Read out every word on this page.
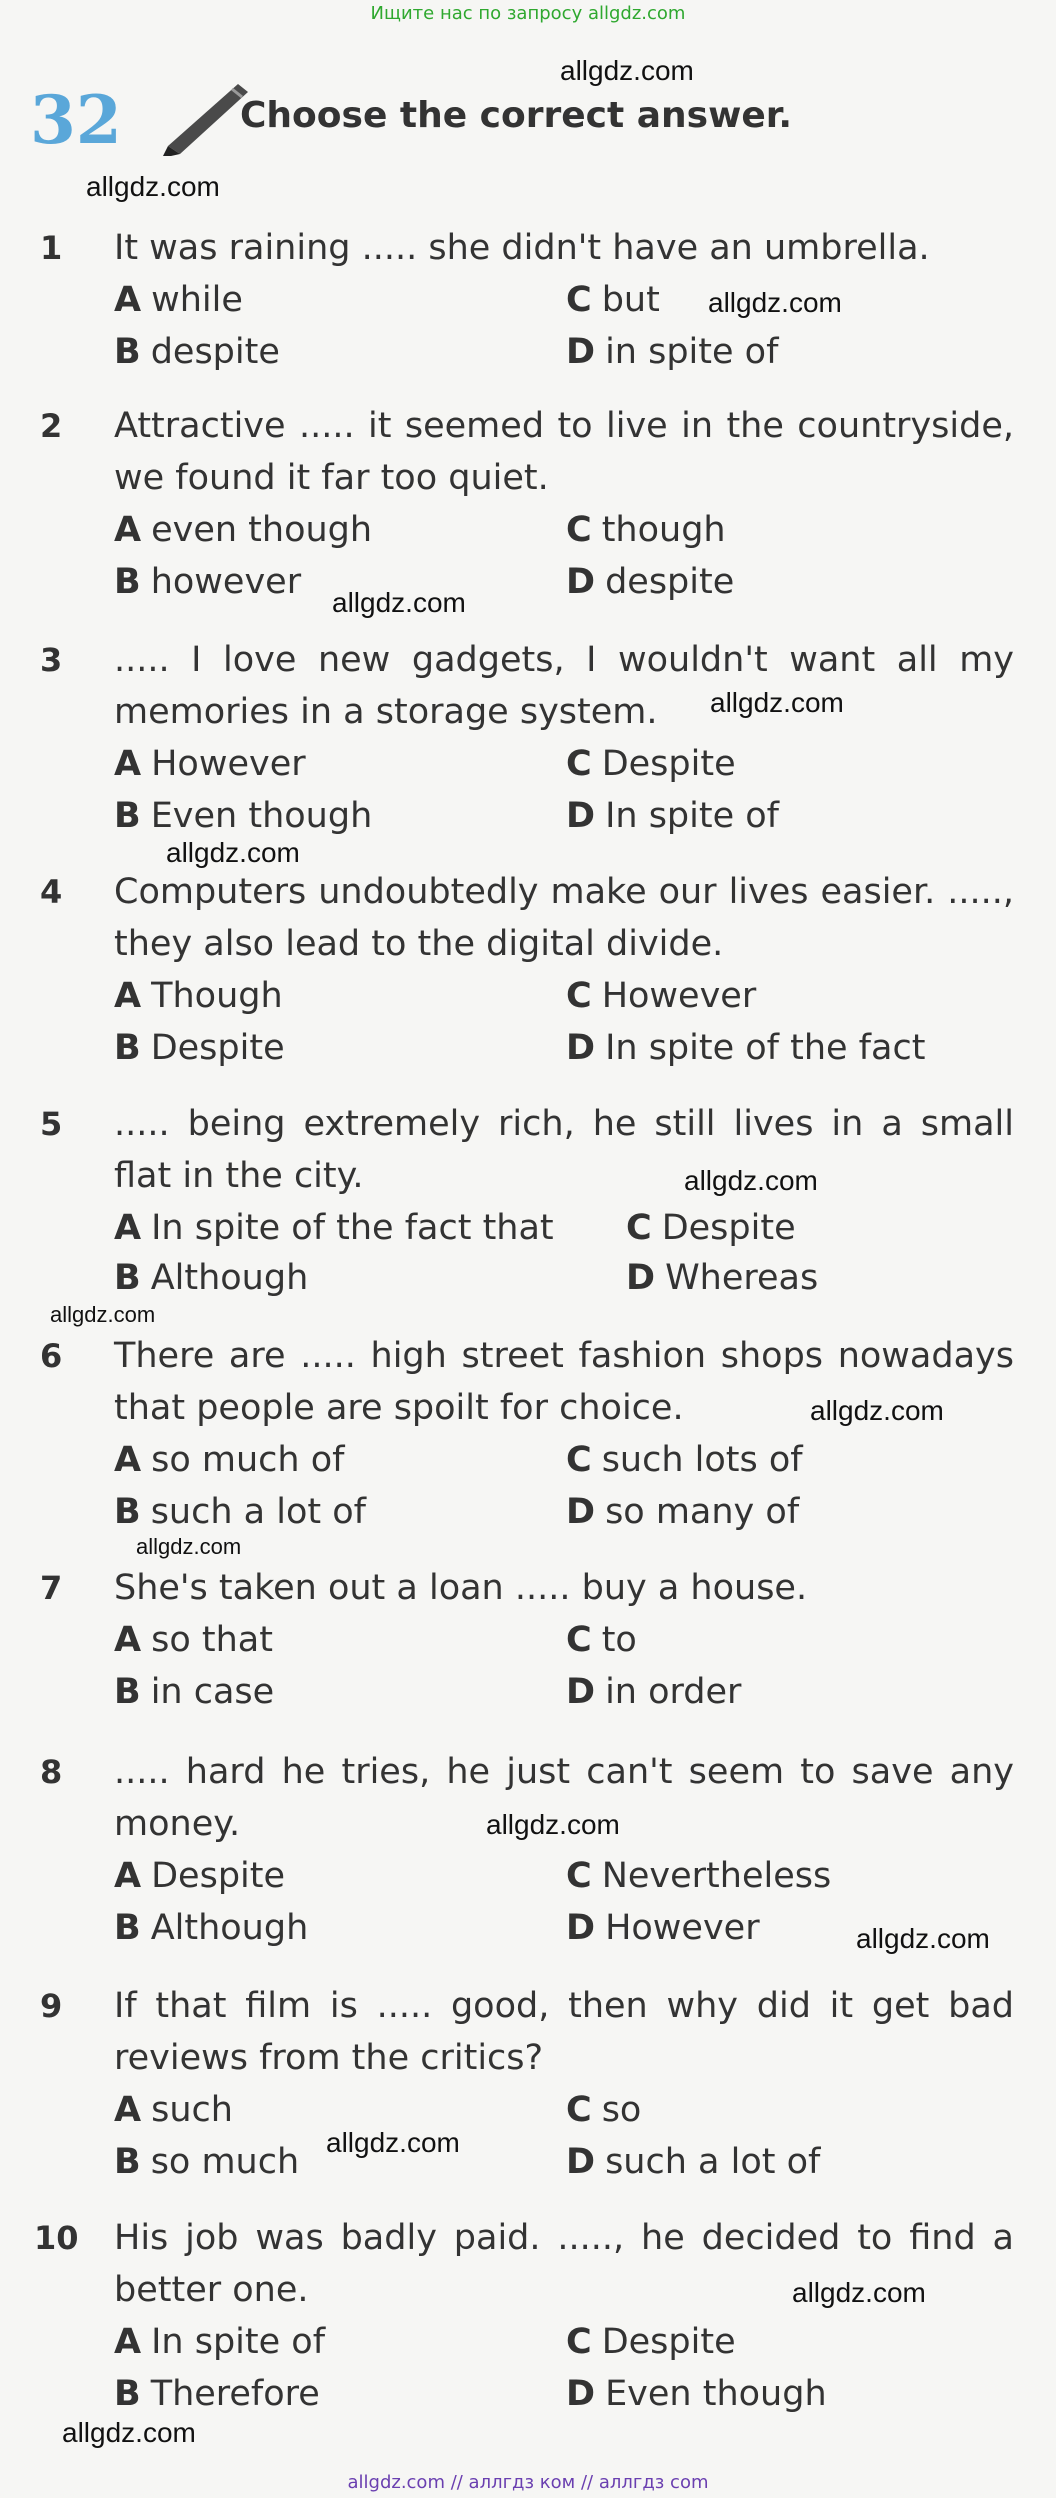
Ищите нас по запросу allgdz.com
32	Choose the correct answer.
1	It was raining ..... she didn't have an umbrella.
A while	C but
B despite	D in spite of
2	Attractive ..... it seemed to live in the countryside, we found it far too quiet.
A even though	C though
B however	D despite
3	..... I love new gadgets, I wouldn't want all my memories in a storage system.
A However	C Despite
B Even though	D In spite of
4	Computers undoubtedly make our lives easier. ....., they also lead to the digital divide.
A Though	C However
B Despite	D In spite of the fact
5	..... being extremely rich, he still lives in a small flat in the city.
A In spite of the fact that C Despite
B Although	D Whereas
6	There are ..... high street fashion shops nowadays that people are spoilt for choice.
A so much of	C such lots of
B such a lot of	D so many of
7	She's taken out a loan ..... buy a house.
A so that	C to
B in case	D in order
8	..... hard he tries, he just can't seem to save any money.
A Despite	C Nevertheless
B Although	D However
9	If that film is ..... good, then why did it get bad reviews from the critics?
A such	C so
B so much	D such a lot of
10	His job was badly paid. ....., he decided to find a better one.
A In spite of	C Despite
B Therefore	D Even though
allgdz.com
allgdz.com
allgdz.com
allgdz.com
allgdz.com
allgdz.com
allgdz.com
allgdz.com
allgdz.com
allgdz.com
allgdz.com
allgdz.com
allgdz.com
allgdz.com
allgdz.com
allgdz.com // аллгдз ком // аллгдз com
